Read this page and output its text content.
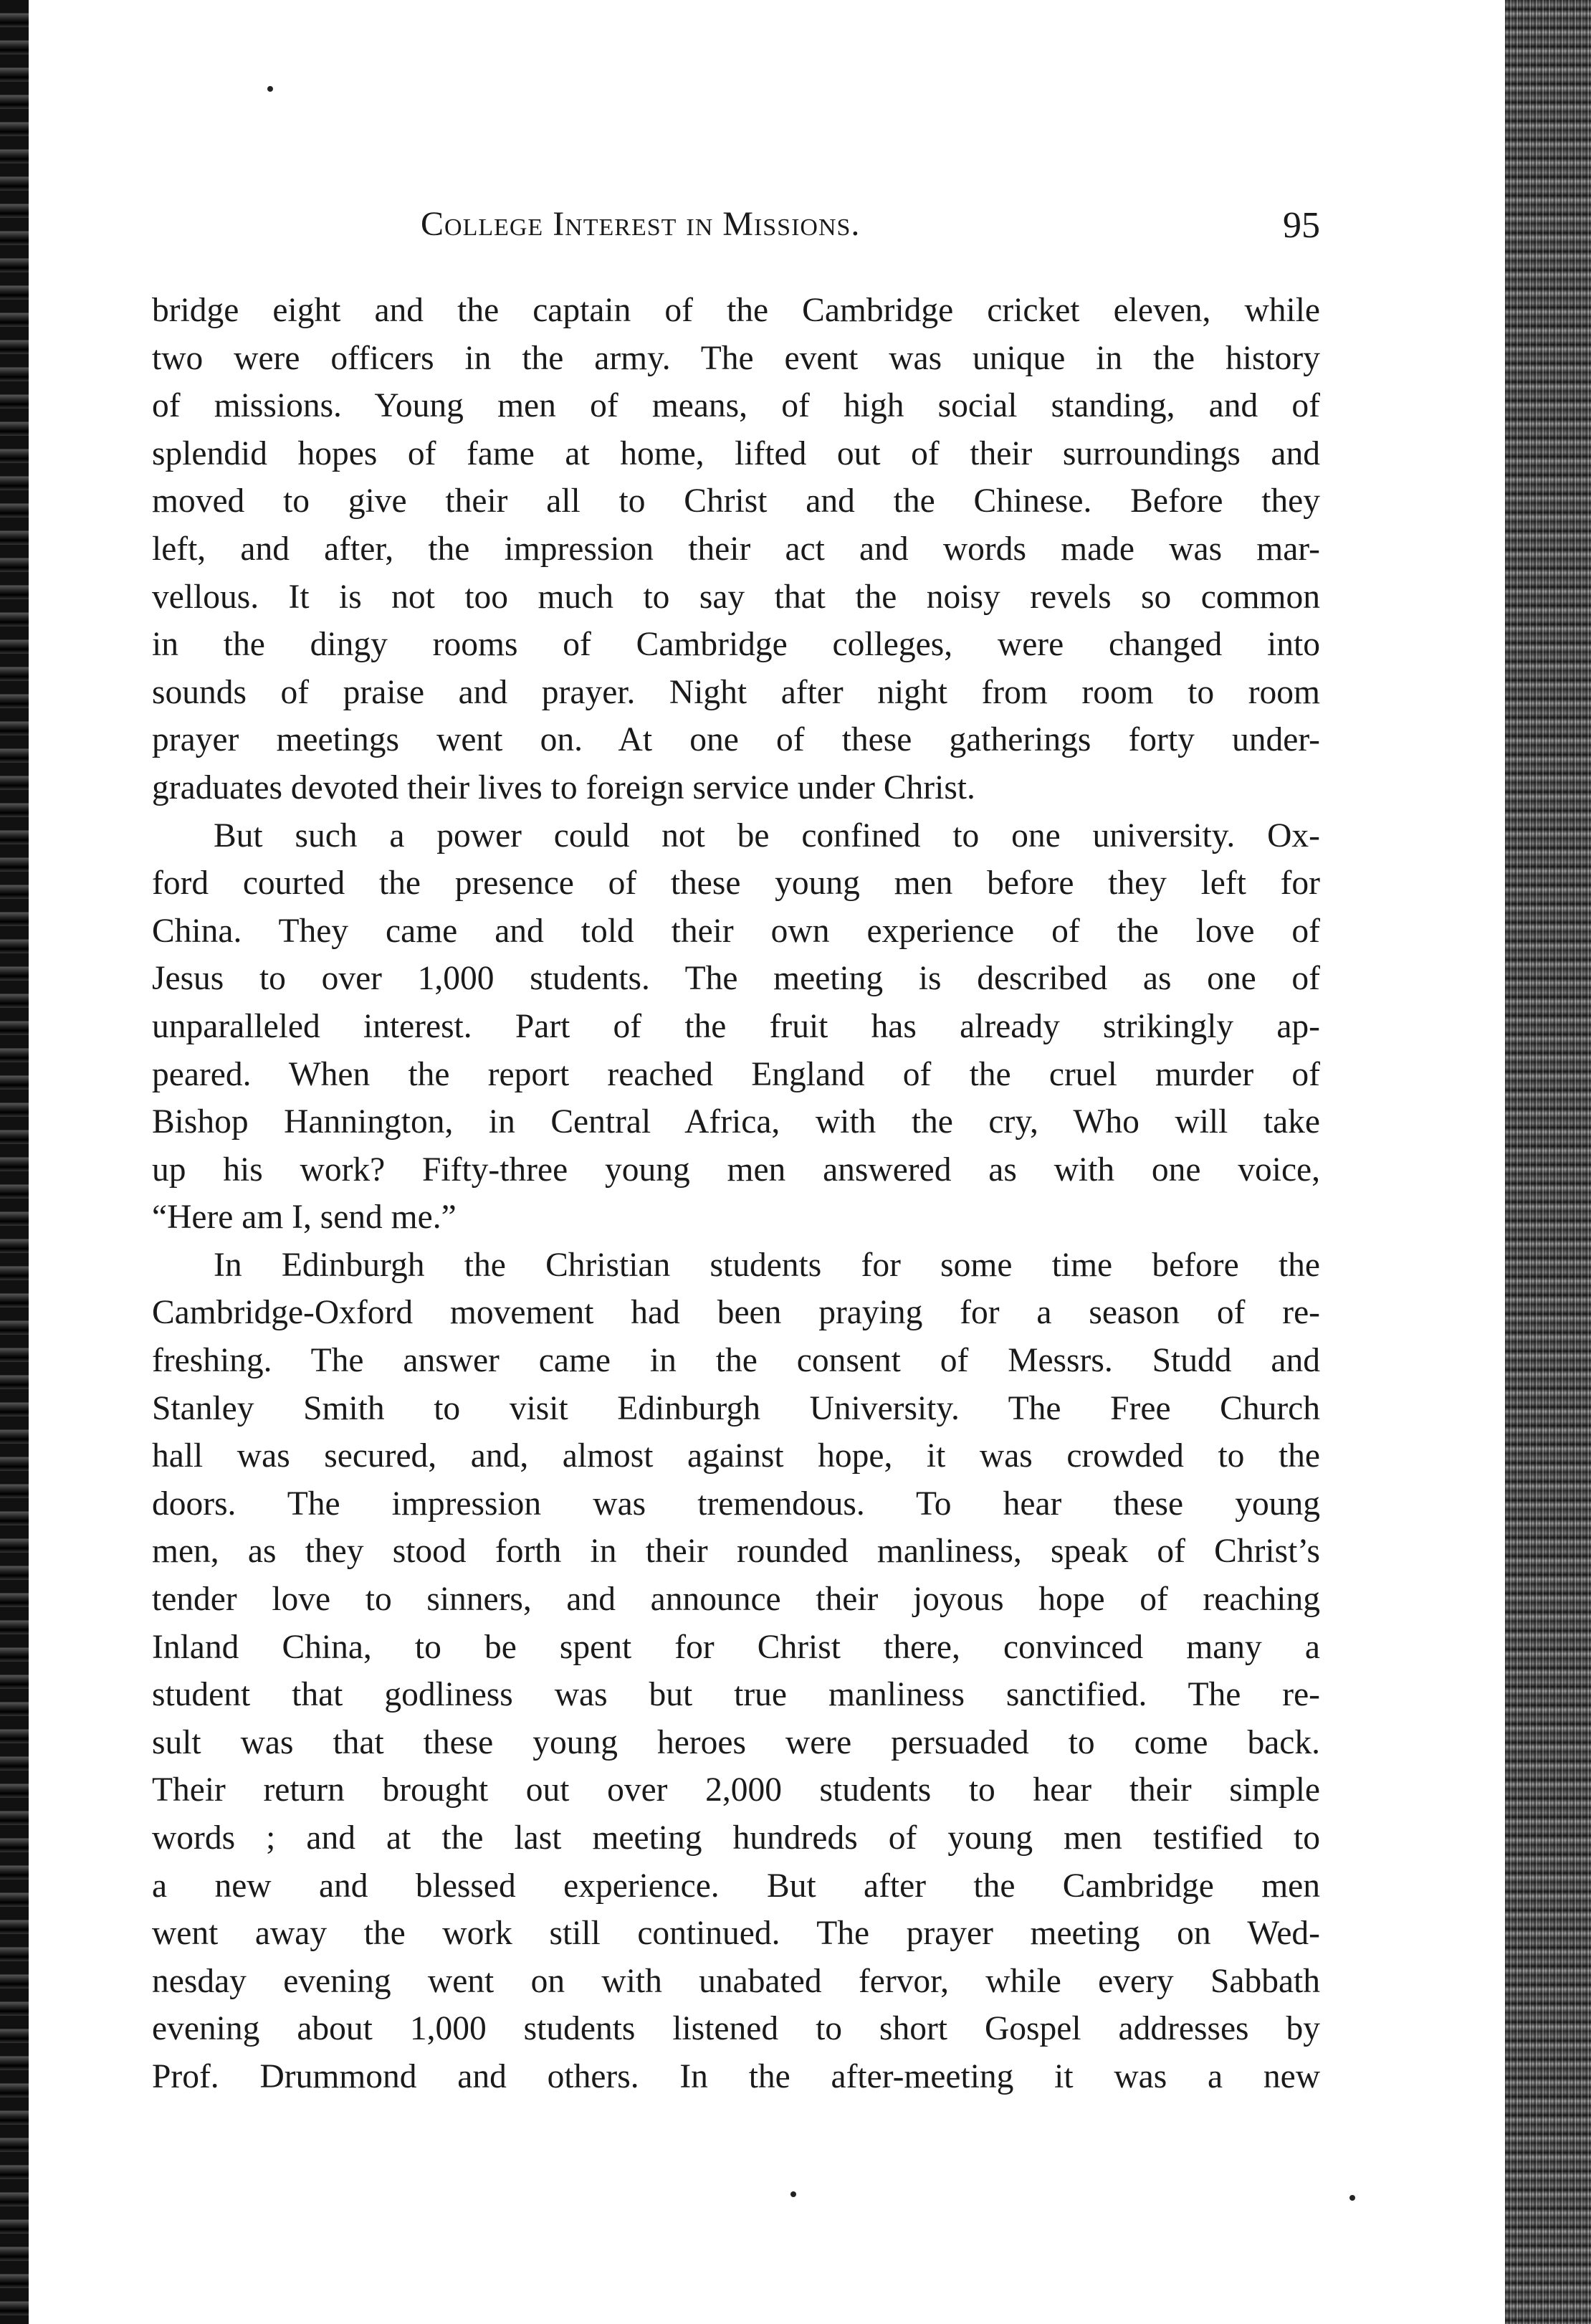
College Interest in Missions.	95
bridge eight and the captain of the Cambridge cricket eleven, while
two were officers in the army. The event was unique in the history
of missions. Young men of means, of high social standing, and of
splendid hopes of fame at home, lifted out of their surroundings and
moved to give their all to Christ and the Chinese. Before they
left, and after, the impression their act and words made was mar-
vellous. It is not too much to say that the noisy revels so common
in the dingy rooms of Cambridge colleges, were changed into
sounds of praise and prayer. Night after night from room to room
prayer meetings went on. At one of these gatherings forty under-
graduates devoted their lives to foreign service under Christ.
But such a power could not be confined to one university. Ox-
ford courted the presence of these young men before they left for
China. They came and told their own experience of the love of
Jesus to over 1,000 students. The meeting is described as one of
unparalleled interest. Part of the fruit has already strikingly ap-
peared. When the report reached England of the cruel murder of
Bishop Hannington, in Central Africa, with the cry, Who will take
up his work? Fifty-three young men answered as with one voice,
“Here am I, send me.”
In Edinburgh the Christian students for some time before the
Cambridge-Oxford movement had been praying for a season of re-
freshing. The answer came in the consent of Messrs. Studd and
Stanley Smith to visit Edinburgh University. The Free Church
hall was secured, and, almost against hope, it was crowded to the
doors. The impression was tremendous. To hear these young
men, as they stood forth in their rounded manliness, speak of Christ’s
tender love to sinners, and announce their joyous hope of reaching
Inland China, to be spent for Christ there, convinced many a
student that godliness was but true manliness sanctified. The re-
sult was that these young heroes were persuaded to come back.
Their return brought out over 2,000 students to hear their simple
words ; and at the last meeting hundreds of young men testified to
a new and blessed experience. But after the Cambridge men
went away the work still continued. The prayer meeting on Wed-
nesday evening went on with unabated fervor, while every Sabbath
evening about 1,000 students listened to short Gospel addresses by
Prof. Drummond and others. In the after-meeting it was a new
